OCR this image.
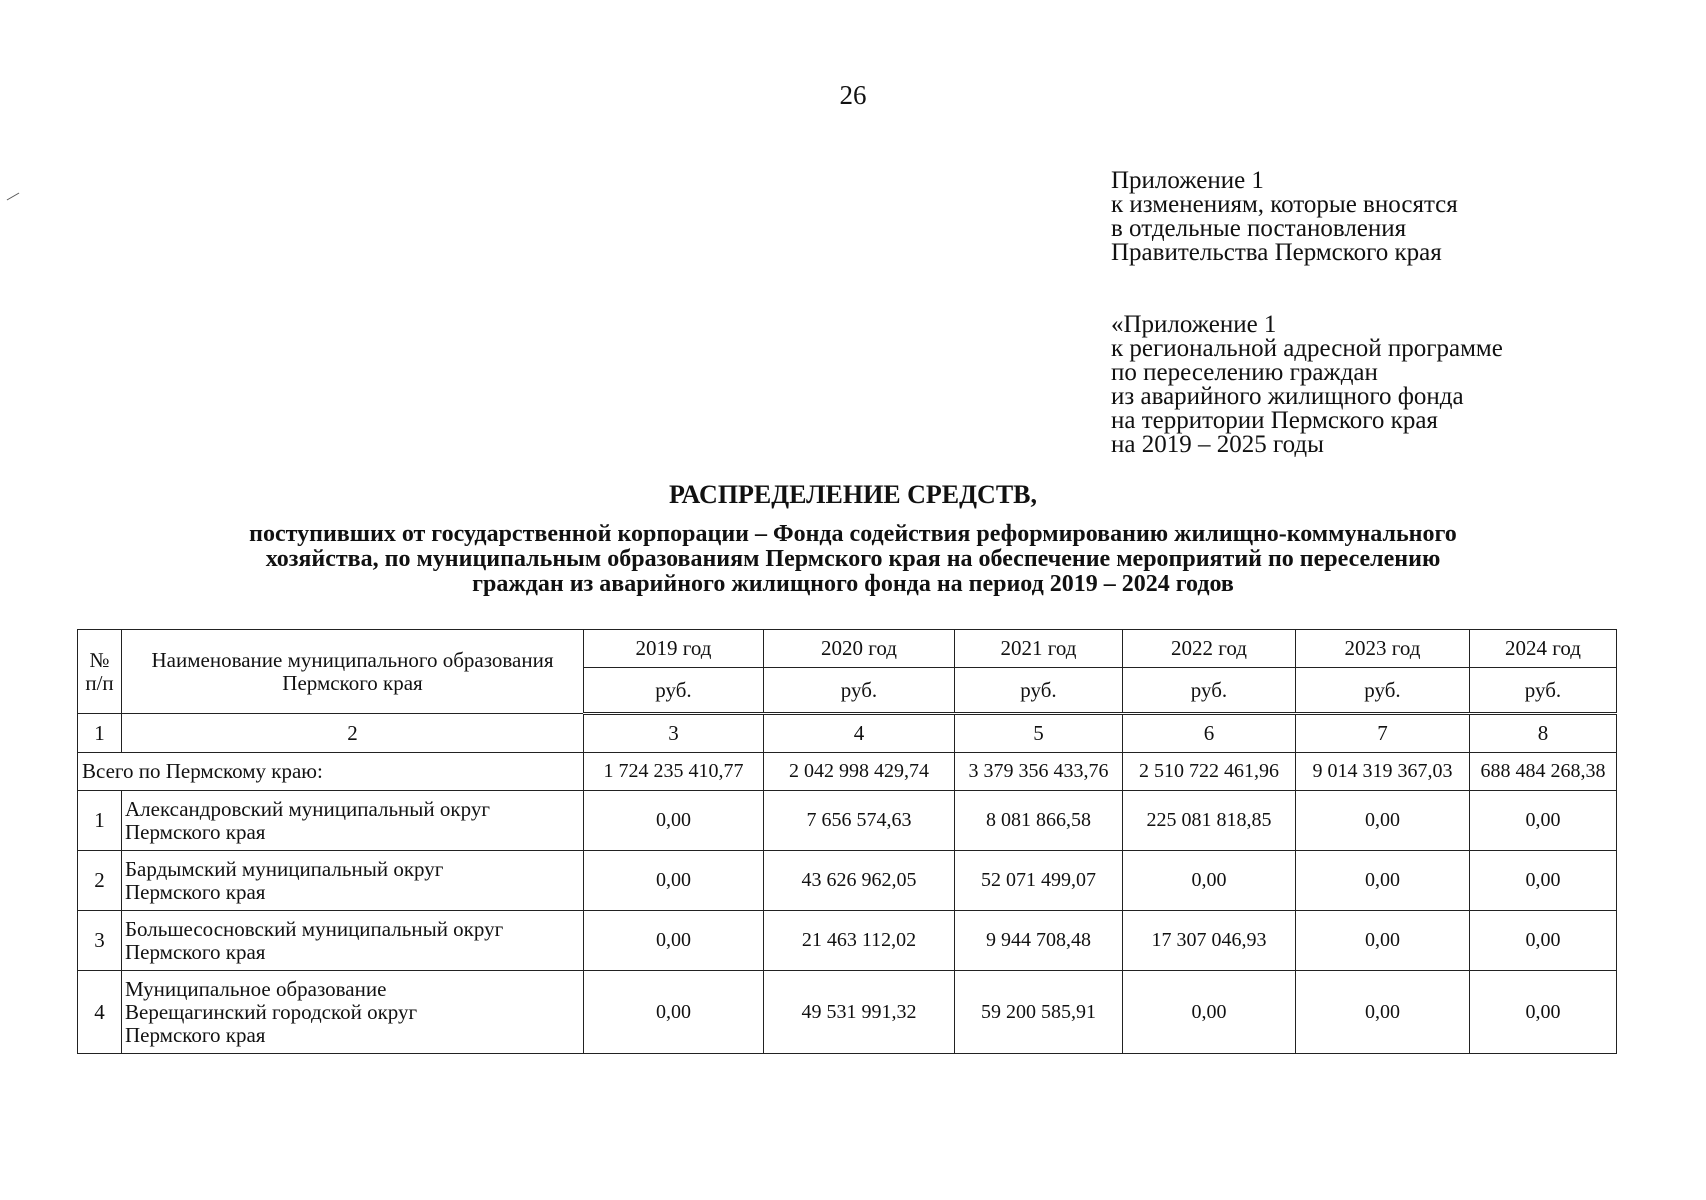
26
Приложение 1
к изменениям, которые вносятся
в отдельные постановления
Правительства Пермского края
«Приложение 1
к региональной адресной программе
по переселению граждан
из аварийного жилищного фонда
на территории Пермского края
на 2019 – 2025 годы
РАСПРЕДЕЛЕНИЕ СРЕДСТВ,
поступивших от государственной корпорации – Фонда содействия реформированию жилищно-коммунального
хозяйства, по муниципальным образованиям Пермского края на обеспечение мероприятий по переселению
граждан из аварийного жилищного фонда на период 2019 – 2024 годов
№ п/п	Наименование муниципального образования Пермского края	2019 год	2020 год	2021 год	2022 год	2023 год	2024 год
		руб.	руб.	руб.	руб.	руб.	руб.
1	2	3	4	5	6	7	8
Всего по Пермскому краю:		1 724 235 410,77	2 042 998 429,74	3 379 356 433,76	2 510 722 461,96	9 014 319 367,03	688 484 268,38
1	Александровский муниципальный округ
Пермского края	0,00	7 656 574,63	8 081 866,58	225 081 818,85	0,00	0,00
2	Бардымский муниципальный округ
Пермского края	0,00	43 626 962,05	52 071 499,07	0,00	0,00	0,00
3	Большесосновский муниципальный округ
Пермского края	0,00	21 463 112,02	9 944 708,48	17 307 046,93	0,00	0,00
4	Муниципальное образование
Верещагинский городской округ
Пермского края	0,00	49 531 991,32	59 200 585,91	0,00	0,00	0,00
